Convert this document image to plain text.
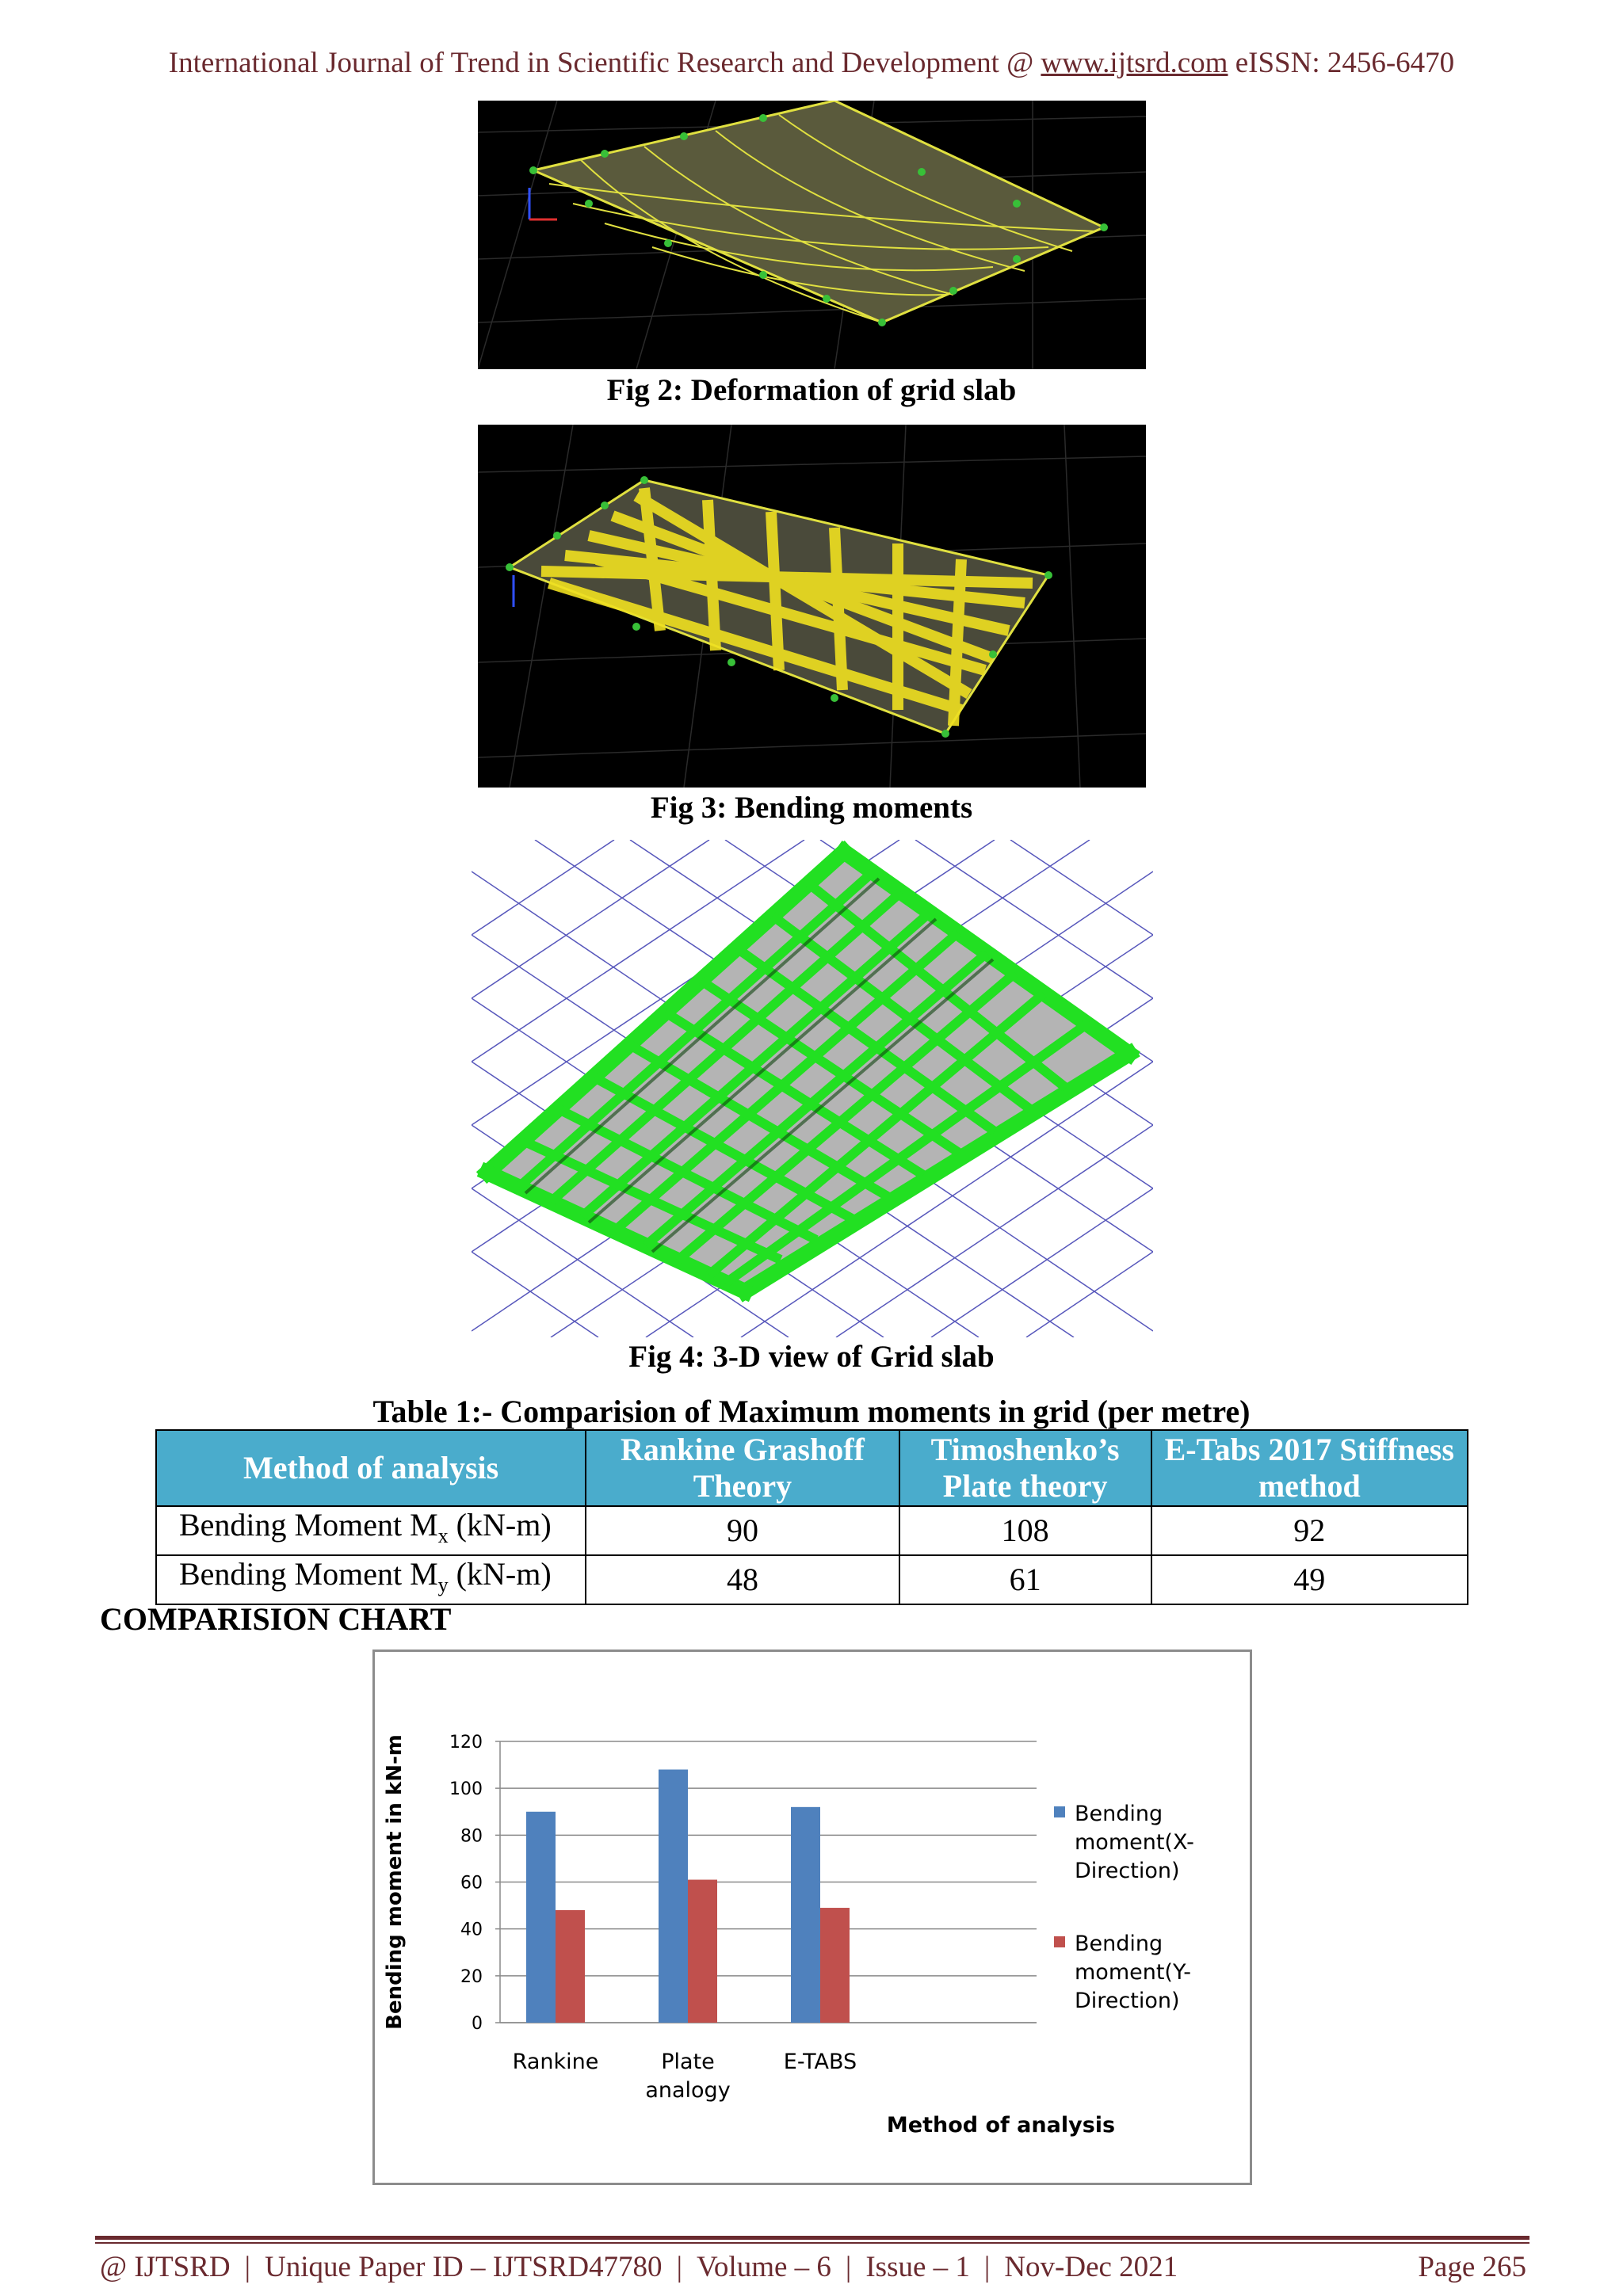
International Journal of Trend in Scientific Research and Development @ www.ijtsrd.com eISSN: 2456-6470
Fig 2: Deformation of grid slab
Fig 3: Bending moments
Fig 4: 3-D view of Grid slab
Table 1:- Comparision of Maximum moments in grid (per metre)
Method of analysis	Rankine Grashoff Theory	Timoshenko’s Plate theory	E-Tabs 2017 Stiffness method
Bending Moment $M_x$ (kN-m)	90	108	92
Bending Moment $M_y$ (kN-m)	48	61	49
COMPARISION CHART
0
20
40
60
80
100
120
Rankine	Plate
analogy
E-TABS
Bending moment in kN-m
Method of analysis
Bending
moment(X-
Direction)
Bending
moment(Y-
Direction)
@ IJTSRD | Unique Paper ID – IJTSRD47780 | Volume – 6 | Issue – 1 | Nov-Dec 2021	Page 265
